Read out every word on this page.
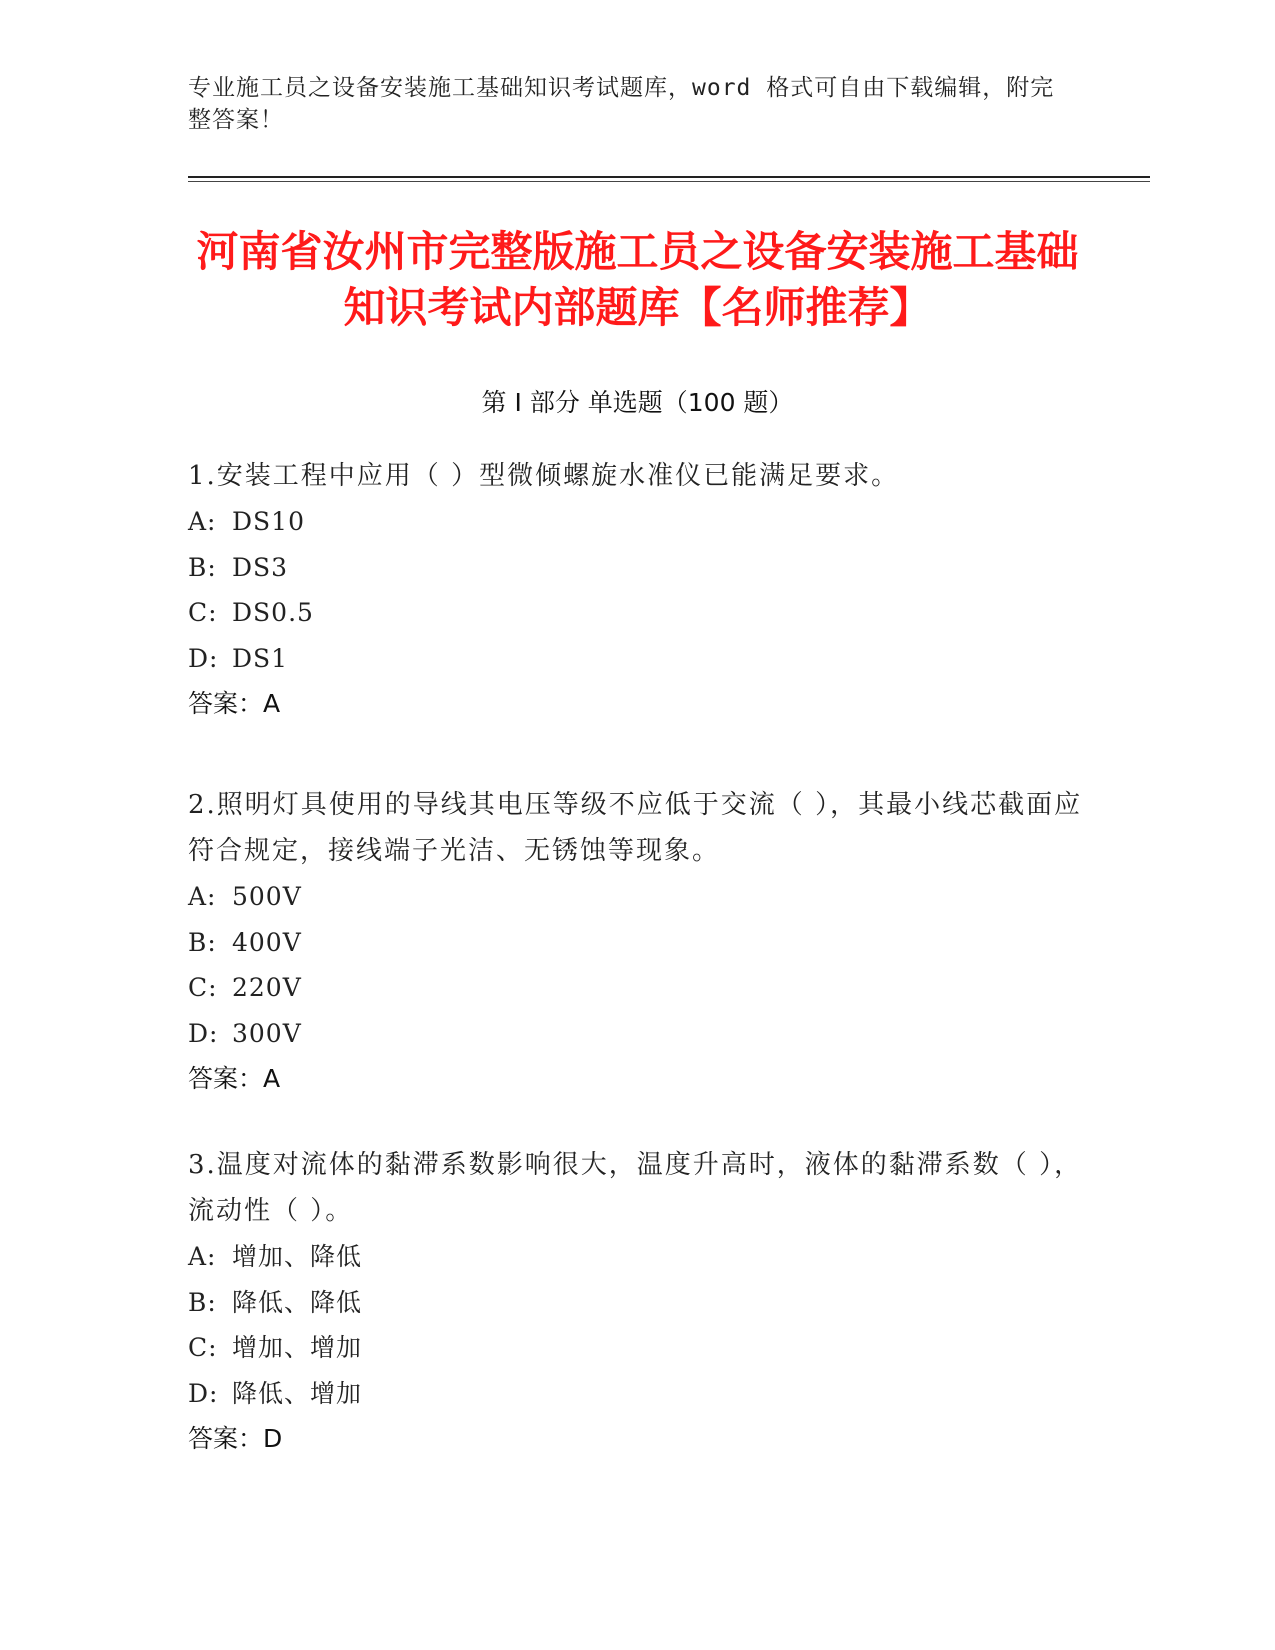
专业施工员之设备安装施工基础知识考试题库，word 格式可自由下载编辑，附完整答案！
河南省汝州市完整版施工员之设备安装施工基础知识考试内部题库【名师推荐】
第 I 部分 单选题（100 题）

1.安装工程中应用（ ）型微倾螺旋水准仪已能满足要求。

A: DS10

B: DS3

C: DS0.5

D: DS1

答案：A

2.照明灯具使用的导线其电压等级不应低于交流（ ），其最小线芯截面应符合规定，接线端子光洁、无锈蚀等现象。

A: 500V

B: 400V

C: 220V

D: 300V

答案：A

3.温度对流体的黏滞系数影响很大，温度升高时，液体的黏滞系数（ ），流动性（ ）。

A: 增加、降低

B: 降低、降低

C: 增加、增加

D: 降低、增加

答案：D
